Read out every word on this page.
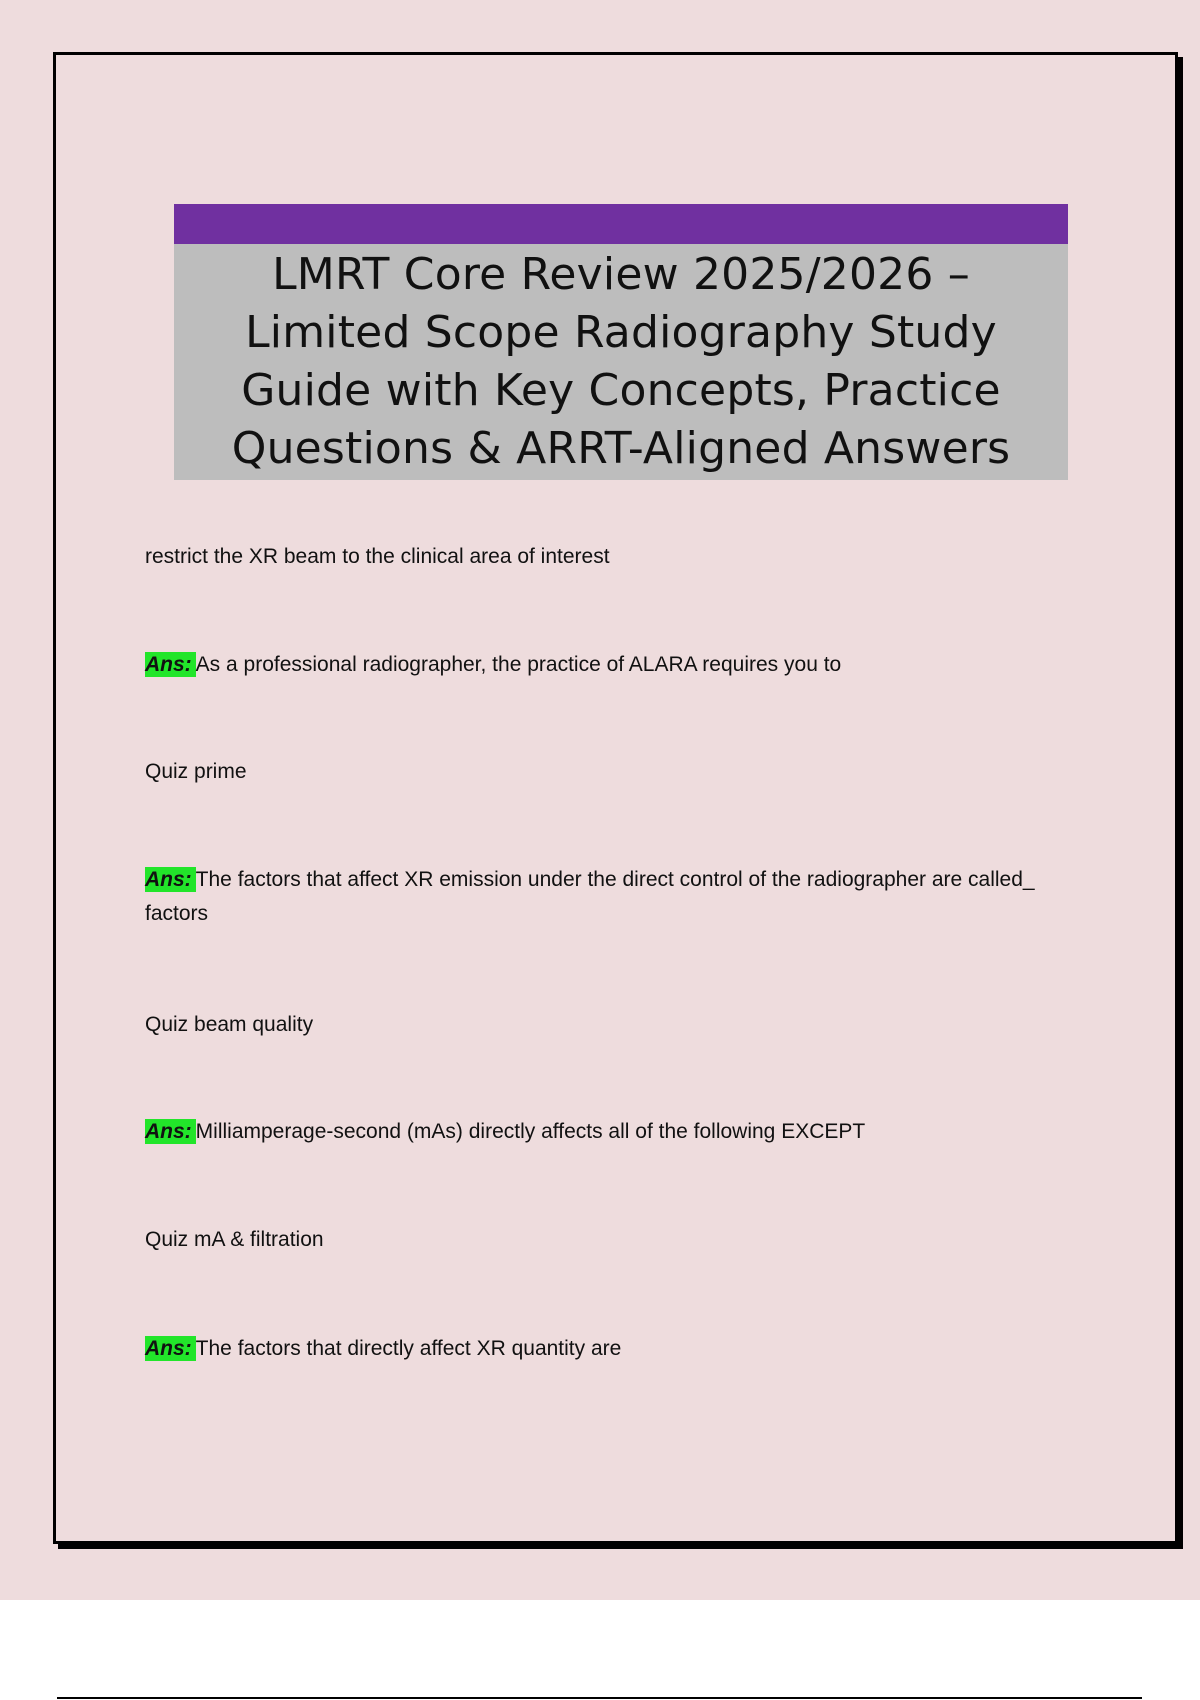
LMRT Core Review 2025/2026 – Limited Scope Radiography Study Guide with Key Concepts, Practice Questions & ARRT-Aligned Answers
restrict the XR beam to the clinical area of interest
Ans: As a professional radiographer, the practice of ALARA requires you to
Quiz prime
Ans: The factors that affect XR emission under the direct control of the radiographer are called_ factors
Quiz beam quality
Ans: Milliamperage-second (mAs) directly affects all of the following EXCEPT
Quiz mA & filtration
Ans: The factors that directly affect XR quantity are
